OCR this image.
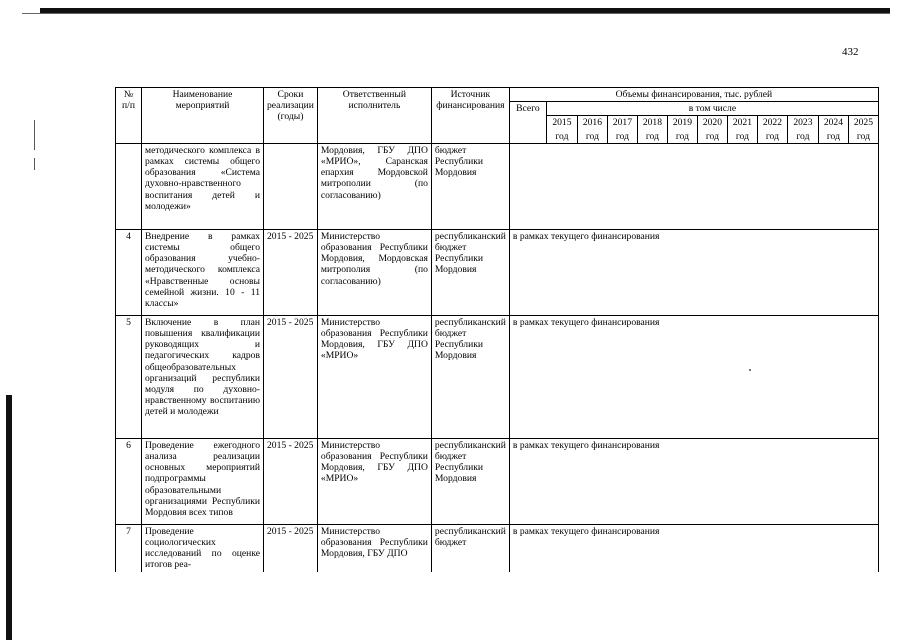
432
№ п/п	Наименование мероприятий	Сроки реализации (годы)	Ответственный исполнитель	Источник финансирования	Объемы финансирования, тыс. рублей											
					Всего	в том числе										
						2015	2016	2017	2018	2019	2020	2021	2022	2023	2024	2025
						год	год	год	год	год	год	год	год	год	год	год
	методического комплекса в рамках системы общего образования «Система духовно-нравственного воспитания детей и молодежи»		Мордовия, ГБУ ДПО «МРИО», Саранская епархия Мордовской митрополии (по согласованию)	бюджет Республики Мордовия												
4	Внедрение в рамках системы общего образования учебно-методического комплекса «Нравственные основы семейной жизни. 10 - 11 классы»	2015 - 2025	Министерство образования Республики Мордовия, Мордовская митрополия (по согласованию)	республиканский бюджет Республики Мордовия	в рамках текущего финансирования											
5	Включение в план повышения квалификации руководящих и педагогических кадров общеобразовательных организаций республики модуля по духовно-нравственному воспитанию детей и молодежи	2015 - 2025	Министерство образования Республики Мордовия, ГБУ ДПО «МРИО»	республиканский бюджет Республики Мордовия	в рамках текущего финансирования											
6	Проведение ежегодного анализа реализации основных мероприятий подпрограммы образовательными организациями Республики Мордовия всех типов	2015 - 2025	Министерство образования Республики Мордовия, ГБУ ДПО «МРИО»	республиканский бюджет Республики Мордовия	в рамках текущего финансирования											
7	Проведение социологических исследований по оценке итогов реа-	2015 - 2025	Министерство образования Республики Мордовия, ГБУ ДПО	республиканский бюджет	в рамках текущего финансирования											
